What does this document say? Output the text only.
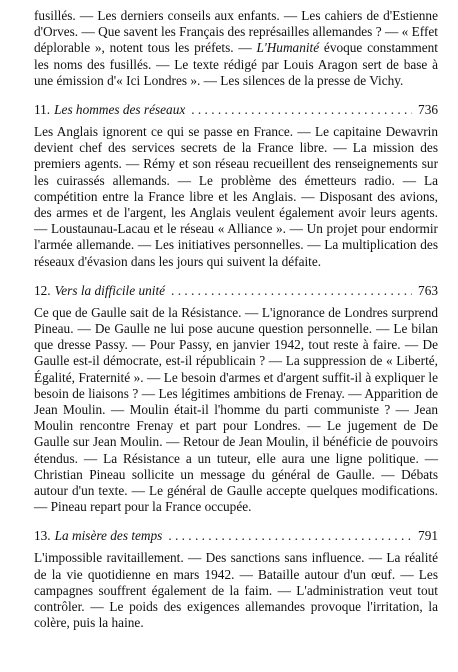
fusillés. — Les derniers conseils aux enfants. — Les cahiers de d'Estienne d'Orves. — Que savent les Français des représailles allemandes ? — « Effet déplorable », notent tous les préfets. — L'Humanité évoque constamment les noms des fusillés. — Le texte rédigé par Louis Aragon sert de base à une émission d'« Ici Londres ». — Les silences de la presse de Vichy.

11. Les hommes des réseaux . . .	736

Les Anglais ignorent ce qui se passe en France. — Le capitaine Dewavrin devient chef des services secrets de la France libre. — La mission des premiers agents. — Rémy et son réseau recueillent des renseignements sur les cuirassés allemands. — Le problème des émetteurs radio. — La compétition entre la France libre et les Anglais. — Disposant des avions, des armes et de l'argent, les Anglais veulent également avoir leurs agents. — Loustaunau-Lacau et le réseau « Alliance ». — Un projet pour endormir l'armée allemande. — Les initiatives personnelles. — La multiplication des réseaux d'évasion dans les jours qui suivent la défaite.

12. Vers la difficile unité . . .	763

Ce que de Gaulle sait de la Résistance. — L'ignorance de Londres surprend Pineau. — De Gaulle ne lui pose aucune question personnelle. — Le bilan que dresse Passy. — Pour Passy, en janvier 1942, tout reste à faire. — De Gaulle est-il démocrate, est-il républicain ? — La suppression de « Liberté, Égalité, Fraternité ». — Le besoin d'armes et d'argent suffit-il à expliquer le besoin de liaisons ? — Les légitimes ambitions de Frenay. — Apparition de Jean Moulin. — Moulin était-il l'homme du parti communiste ? — Jean Moulin rencontre Frenay et part pour Londres. — Le jugement de De Gaulle sur Jean Moulin. — Retour de Jean Moulin, il bénéficie de pouvoirs étendus. — La Résistance a un tuteur, elle aura une ligne politique. — Christian Pineau sollicite un message du général de Gaulle. — Débats autour d'un texte. — Le général de Gaulle accepte quelques modifications. — Pineau repart pour la France occupée.

13. La misère des temps . . .	791

L'impossible ravitaillement. — Des sanctions sans influence. — La réalité de la vie quotidienne en mars 1942. — Bataille autour d'un œuf. — Les campagnes souffrent également de la faim. — L'administration veut tout contrôler. — Le poids des exigences allemandes provoque l'irritation, la colère, puis la haine.
